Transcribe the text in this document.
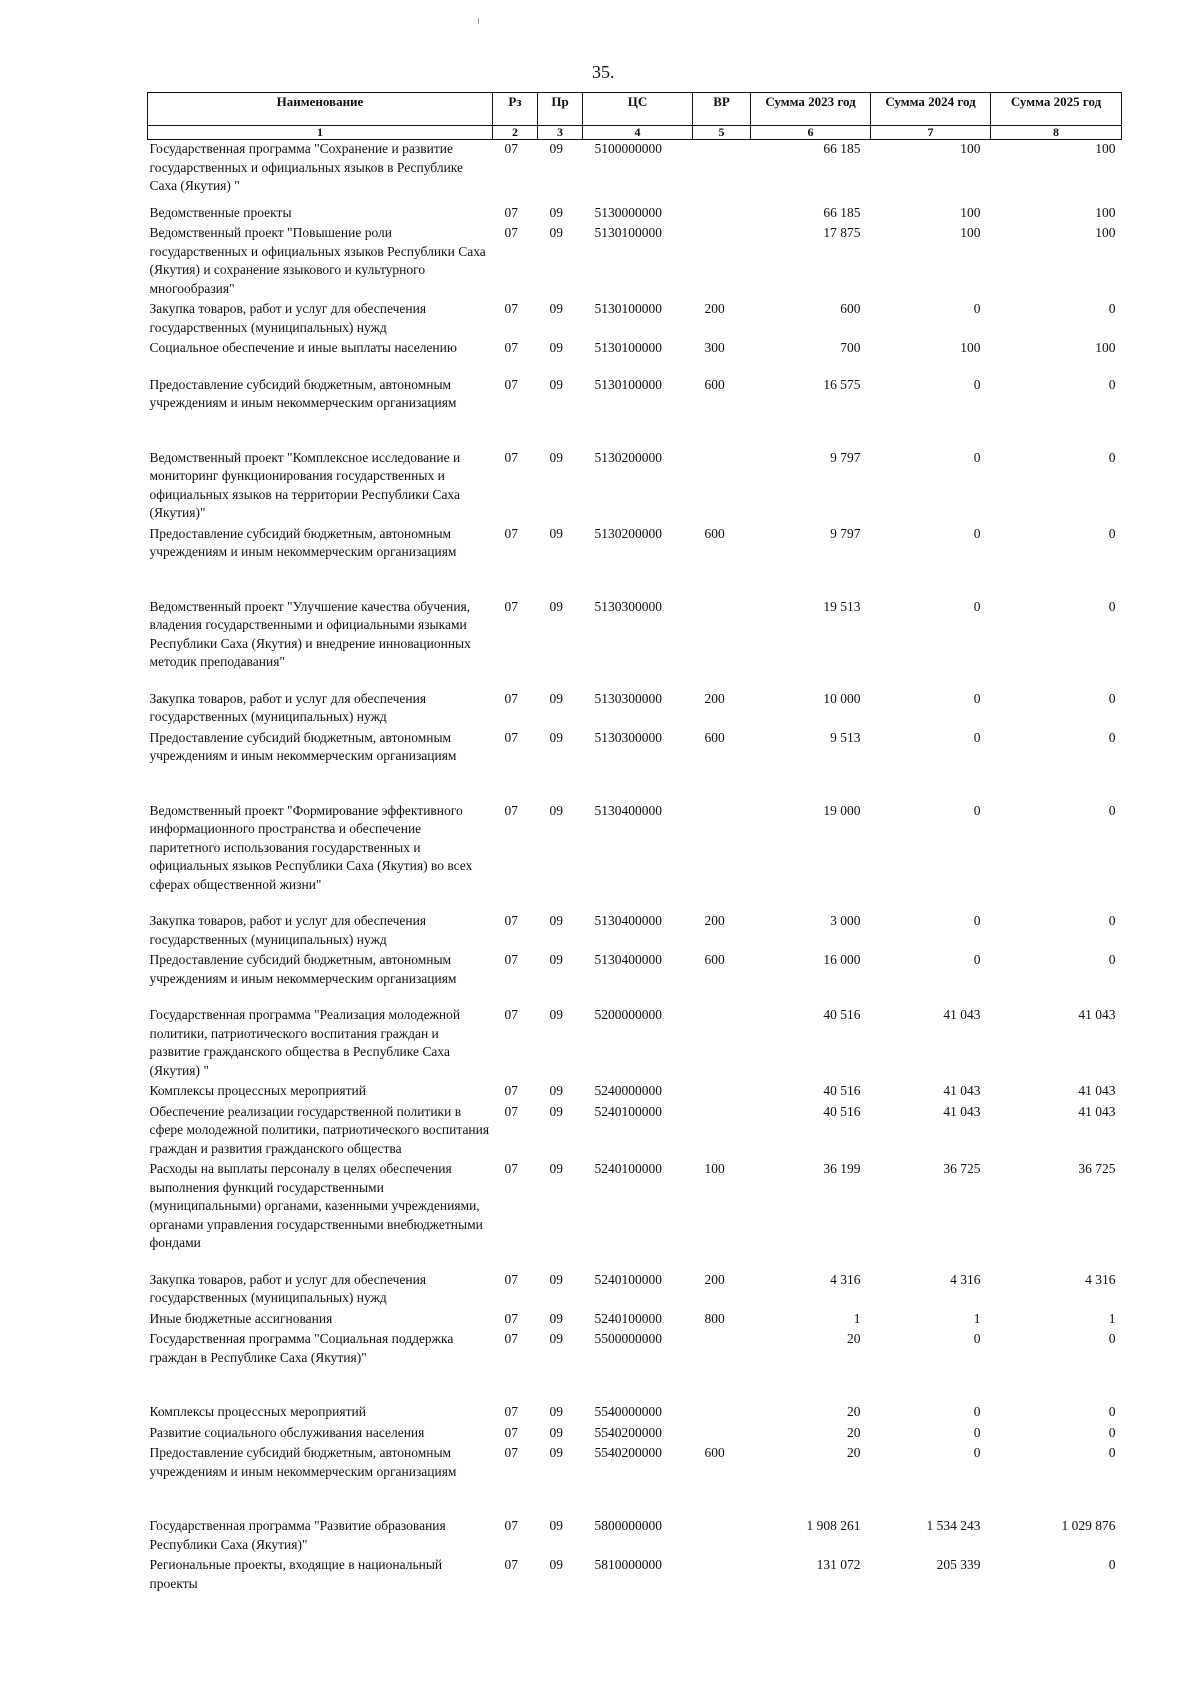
35.
Наименование	Рз	Пр	ЦС	ВР	Сумма 2023 год	Сумма 2024 год	Сумма 2025 год
1	2	3	4	5	6	7	8
Государственная программа "Сохранение и развитие государственных и официальных языков в Республике Саха (Якутия) "	07	09	5100000000		66 185	100	100
Ведомственные проекты	07	09	5130000000		66 185	100	100
Ведомственный проект "Повышение роли государственных и официальных языков Республики Саха (Якутия) и сохранение языкового и культурного многообразия"	07	09	5130100000		17 875	100	100
Закупка товаров, работ и услуг для обеспечения государственных (муниципальных) нужд	07	09	5130100000	200	600	0	0
Социальное обеспечение и иные выплаты населению	07	09	5130100000	300	700	100	100
Предоставление субсидий бюджетным, автономным учреждениям и иным некоммерческим организациям	07	09	5130100000	600	16 575	0	0
Ведомственный проект "Комплексное исследование и мониторинг функционирования государственных и официальных языков на территории Республики Саха (Якутия)"	07	09	5130200000		9 797	0	0
Предоставление субсидий бюджетным, автономным учреждениям и иным некоммерческим организациям	07	09	5130200000	600	9 797	0	0
Ведомственный проект "Улучшение качества обучения, владения государственными и официальными языками Республики Саха (Якутия) и внедрение инновационных методик преподавания"	07	09	5130300000		19 513	0	0
Закупка товаров, работ и услуг для обеспечения государственных (муниципальных) нужд	07	09	5130300000	200	10 000	0	0
Предоставление субсидий бюджетным, автономным учреждениям и иным некоммерческим организациям	07	09	5130300000	600	9 513	0	0
Ведомственный проект "Формирование эффективного информационного пространства и обеспечение паритетного использования государственных и официальных языков Республики Саха (Якутия) во всех сферах общественной жизни"	07	09	5130400000		19 000	0	0
Закупка товаров, работ и услуг для обеспечения государственных (муниципальных) нужд	07	09	5130400000	200	3 000	0	0
Предоставление субсидий бюджетным, автономным учреждениям и иным некоммерческим организациям	07	09	5130400000	600	16 000	0	0
Государственная программа "Реализация молодежной политики, патриотического воспитания граждан и развитие гражданского общества в Республике Саха (Якутия) "	07	09	5200000000		40 516	41 043	41 043
Комплексы процессных мероприятий	07	09	5240000000		40 516	41 043	41 043
Обеспечение реализации государственной политики в сфере молодежной политики, патриотического воспитания граждан и развития гражданского общества	07	09	5240100000		40 516	41 043	41 043
Расходы на выплаты персоналу в целях обеспечения выполнения функций государственными (муниципальными) органами, казенными учреждениями, органами управления государственными внебюджетными фондами	07	09	5240100000	100	36 199	36 725	36 725
Закупка товаров, работ и услуг для обеспечения государственных (муниципальных) нужд	07	09	5240100000	200	4 316	4 316	4 316
Иные бюджетные ассигнования	07	09	5240100000	800	1	1	1
Государственная программа "Социальная поддержка граждан в Республике Саха (Якутия)"	07	09	5500000000		20	0	0
Комплексы процессных мероприятий	07	09	5540000000		20	0	0
Развитие социального обслуживания населения	07	09	5540200000		20	0	0
Предоставление субсидий бюджетным, автономным учреждениям и иным некоммерческим организациям	07	09	5540200000	600	20	0	0
Государственная программа "Развитие образования Республики Саха (Якутия)"	07	09	5800000000		1 908 261	1 534 243	1 029 876
Региональные проекты, входящие в национальный проекты	07	09	5810000000		131 072	205 339	0
